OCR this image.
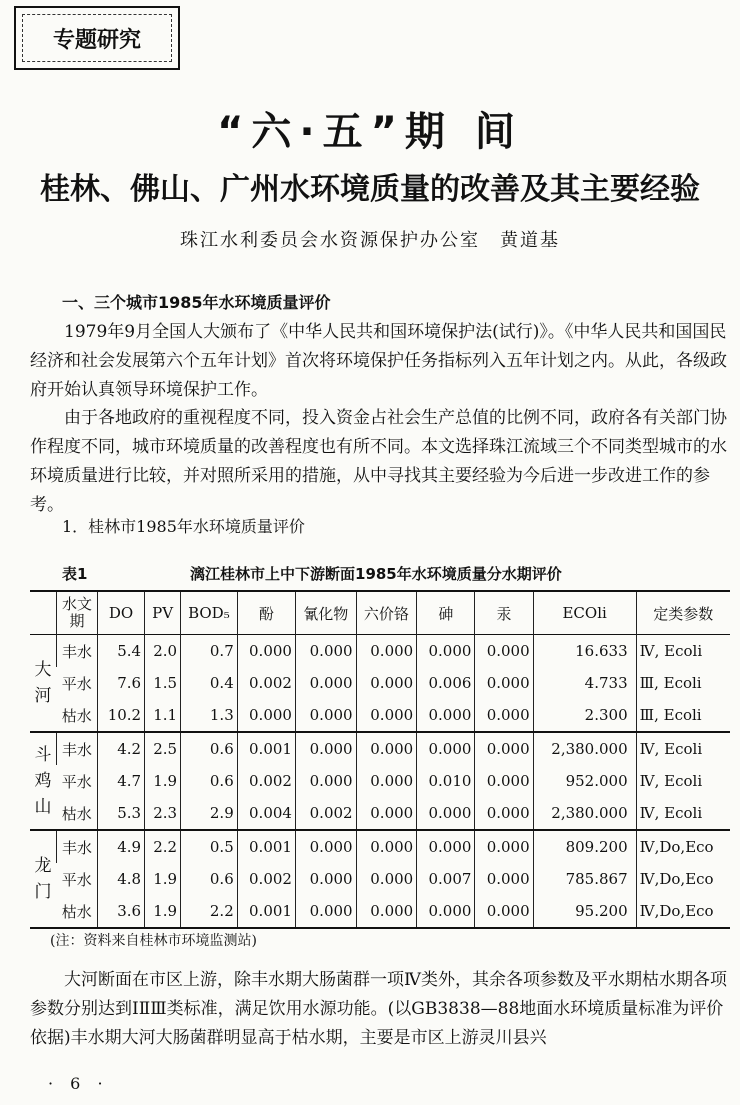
专题研究
“六·五”期 间
桂林、佛山、广州水环境质量的改善及其主要经验
珠江水利委员会水资源保护办公室 黄道基
一、三个城市1985年水环境质量评价

1979年9月全国人大颁布了《中华人民共和国环境保护法(试行)》。《中华人民共和国国民经济和社会发展第六个五年计划》首次将环境保护任务指标列入五年计划之内。从此，各级政府开始认真领导环境保护工作。

由于各地政府的重视程度不同，投入资金占社会生产总值的比例不同，政府各有关部门协作程度不同，城市环境质量的改善程度也有所不同。本文选择珠江流域三个不同类型城市的水环境质量进行比较，并对照所采用的措施，从中寻找其主要经验为今后进一步改进工作的参考。

1．桂林市1985年水环境质量评价
表1	漓江桂林市上中下游断面1985年水环境质量分水期评价
	水文期	DO	PV	BOD₅	酚	氰化物	六价铬	砷	汞	ECOli	定类参数
大河	丰水	5.4	2.0	0.7	0.000	0.000	0.000	0.000	0.000	16.633	Ⅳ, Ecoli
	平水	7.6	1.5	0.4	0.002	0.000	0.000	0.006	0.000	4.733	Ⅲ, Ecoli
	枯水	10.2	1.1	1.3	0.000	0.000	0.000	0.000	0.000	2.300	Ⅲ, Ecoli
斗鸡山	丰水	4.2	2.5	0.6	0.001	0.000	0.000	0.000	0.000	2,380.000	Ⅳ, Ecoli
	平水	4.7	1.9	0.6	0.002	0.000	0.000	0.010	0.000	952.000	Ⅳ, Ecoli
	枯水	5.3	2.3	2.9	0.004	0.002	0.000	0.000	0.000	2,380.000	Ⅳ, Ecoli
龙门	丰水	4.9	2.2	0.5	0.001	0.000	0.000	0.000	0.000	809.200	Ⅳ,Do,Eco
	平水	4.8	1.9	0.6	0.002	0.000	0.000	0.007	0.000	785.867	Ⅳ,Do,Eco
	枯水	3.6	1.9	2.2	0.001	0.000	0.000	0.000	0.000	95.200	Ⅳ,Do,Eco
(注：资料来自桂林市环境监测站)

大河断面在市区上游，除丰水期大肠菌群一项Ⅳ类外，其余各项参数及平水期枯水期各项参数分别达到ⅠⅡⅢ类标准，满足饮用水源功能。(以GB3838—88地面水环境质量标准为评价依据)丰水期大河大肠菌群明显高于枯水期，主要是市区上游灵川县兴

· 6 ·
